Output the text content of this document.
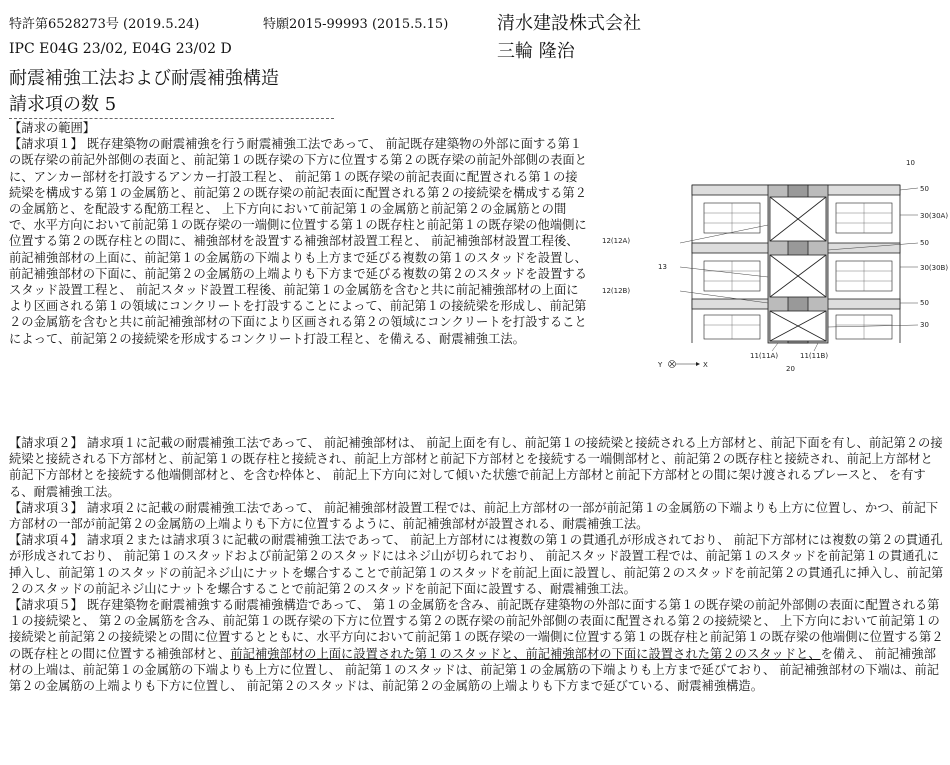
特許第6528273号 (2019.5.24)	特願2015-99993 (2015.5.15)	清水建設株式会社
IPC E04G 23/02, E04G 23/02 D	三輪 隆治
耐震補強工法および耐震補強構造
請求項の数 5

【請求の範囲】

【請求項１】 既存建築物の耐震補強を行う耐震補強工法であって、 前記既存建築物の外部に面する第１の既存梁の前記外部側の表面と、前記第１の既存梁の下方に位置する第２の既存梁の前記外部側の表面とに、アンカー部材を打設するアンカー打設工程と、 前記第１の既存梁の前記表面に配置される第１の接続梁を構成する第１の金属筋と、前記第２の既存梁の前記表面に配置される第２の接続梁を構成する第２の金属筋と、を配設する配筋工程と、 上下方向において前記第１の金属筋と前記第２の金属筋との間で、水平方向において前記第１の既存梁の一端側に位置する第１の既存柱と前記第１の既存梁の他端側に位置する第２の既存柱との間に、補強部材を設置する補強部材設置工程と、 前記補強部材設置工程後、前記補強部材の上面に、前記第１の金属筋の下端よりも上方まで延びる複数の第１のスタッドを設置し、前記補強部材の下面に、前記第２の金属筋の上端よりも下方まで延びる複数の第２のスタッドを設置するスタッド設置工程と、 前記スタッド設置工程後、前記第１の金属筋を含むと共に前記補強部材の上面により区画される第１の領域にコンクリートを打設することによって、前記第１の接続梁を形成し、前記第２の金属筋を含むと共に前記補強部材の下面により区画される第２の領域にコンクリートを打設することによって、前記第２の接続梁を形成するコンクリート打設工程と、を備える、耐震補強工法。

10
50
30(30A)
50
12(12A)
13	30(30B)
12(12B)
50
30
11(11A)	11(11B)
20
Y	X

【請求項２】 請求項１に記載の耐震補強工法であって、 前記補強部材は、 前記上面を有し、前記第１の接続梁と接続される上方部材と、前記下面を有し、前記第２の接続梁と接続される下方部材と、前記第１の既存柱と接続され、前記上方部材と前記下方部材とを接続する一端側部材と、前記第２の既存柱と接続され、前記上方部材と前記下方部材とを接続する他端側部材と、を含む枠体と、 前記上下方向に対して傾いた状態で前記上方部材と前記下方部材との間に架け渡されるブレースと、 を有する、耐震補強工法。

【請求項３】 請求項２に記載の耐震補強工法であって、 前記補強部材設置工程では、前記上方部材の一部が前記第１の金属筋の下端よりも上方に位置し、かつ、前記下方部材の一部が前記第２の金属筋の上端よりも下方に位置するように、前記補強部材が設置される、耐震補強工法。

【請求項４】 請求項２または請求項３に記載の耐震補強工法であって、 前記上方部材には複数の第１の貫通孔が形成されており、 前記下方部材には複数の第２の貫通孔が形成されており、 前記第１のスタッドおよび前記第２のスタッドにはネジ山が切られており、 前記スタッド設置工程では、前記第１のスタッドを前記第１の貫通孔に挿入し、前記第１のスタッドの前記ネジ山にナットを螺合することで前記第１のスタッドを前記上面に設置し、前記第２のスタッドを前記第２の貫通孔に挿入し、前記第２のスタッドの前記ネジ山にナットを螺合することで前記第２のスタッドを前記下面に設置する、耐震補強工法。

【請求項５】 既存建築物を耐震補強する耐震補強構造であって、 第１の金属筋を含み、前記既存建築物の外部に面する第１の既存梁の前記外部側の表面に配置される第１の接続梁と、 第２の金属筋を含み、前記第１の既存梁の下方に位置する第２の既存梁の前記外部側の表面に配置される第２の接続梁と、 上下方向において前記第１の接続梁と前記第２の接続梁との間に位置するとともに、水平方向において前記第１の既存梁の一端側に位置する第１の既存柱と前記第１の既存梁の他端側に位置する第２の既存柱との間に位置する補強部材と、前記補強部材の上面に設置された第１のスタッドと、前記補強部材の下面に設置された第２のスタッドと、を備え、 前記補強部材の上端は、前記第１の金属筋の下端よりも上方に位置し、 前記第１のスタッドは、前記第１の金属筋の下端よりも上方まで延びており、 前記補強部材の下端は、前記第２の金属筋の上端よりも下方に位置し、 前記第２のスタッドは、前記第２の金属筋の上端よりも下方まで延びている、耐震補強構造。
